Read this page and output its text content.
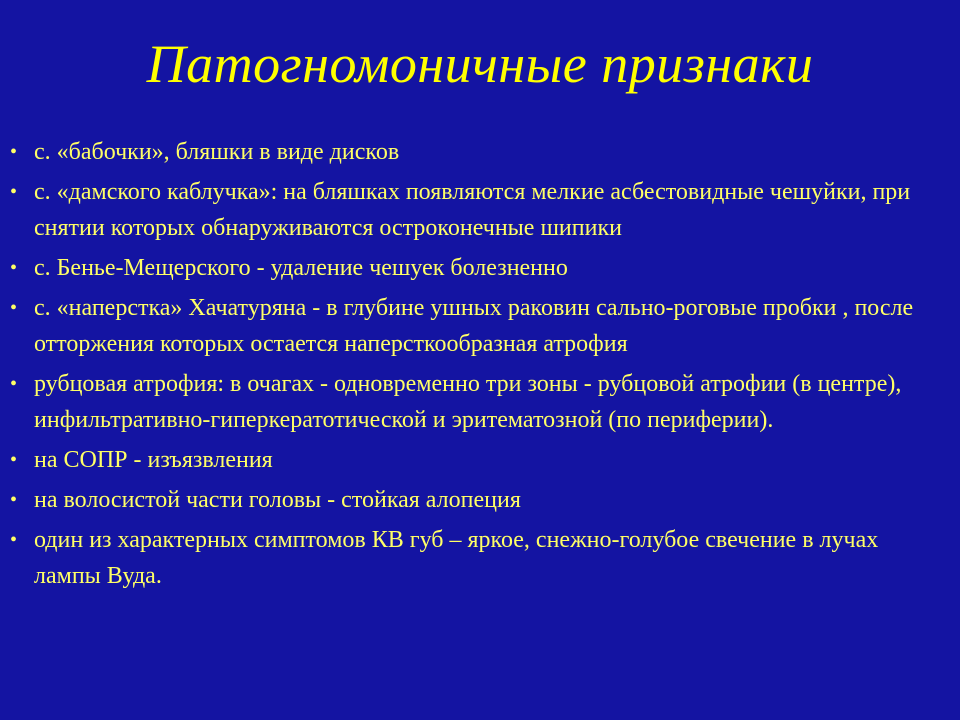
Патогномоничные признаки
• с. «бабочки», бляшки в виде дисков
• с. «дамского каблучка»: на бляшках появляются мелкие асбестовидные чешуйки, при снятии которых обнаруживаются остроконечные шипики
• с. Бенье-Мещерского - удаление чешуек болезненно
• с. «наперстка» Хачатуряна - в глубине ушных раковин сально-роговые пробки , после отторжения которых остается наперсткообразная атрофия
• рубцовая атрофия: в очагах - одновременно три зоны - рубцовой атрофии (в центре), инфильтративно-гиперкератотической и эритематозной (по периферии).
• на СОПР - изъязвления
• на волосистой части головы - стойкая алопеция
• один из характерных симптомов КВ губ – яркое, снежно-голубое свечение в лучах лампы Вуда.
